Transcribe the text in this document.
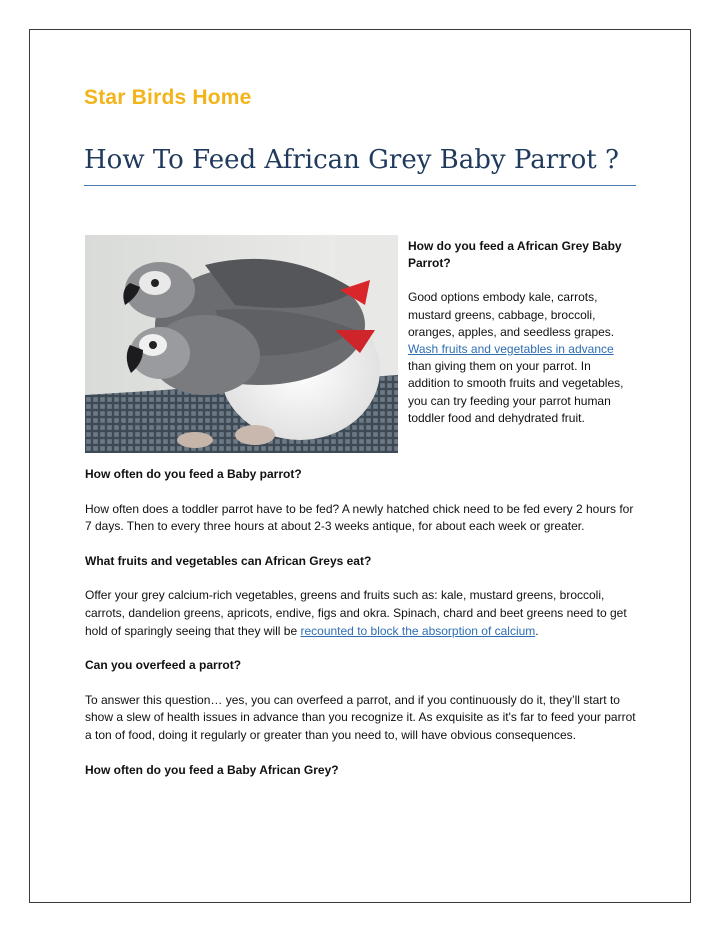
Star Birds Home
How To Feed African Grey Baby Parrot ?

How do you feed a African Grey Baby Parrot?

Good options embody kale, carrots, mustard greens, cabbage, broccoli, oranges, apples, and seedless grapes. Wash fruits and vegetables in advance than giving them on your parrot. In addition to smooth fruits and vegetables, you can try feeding your parrot human toddler food and dehydrated fruit.

How often do you feed a Baby parrot?

How often does a toddler parrot have to be fed? A newly hatched chick need to be fed every 2 hours for 7 days. Then to every three hours at about 2-3 weeks antique, for about each week or greater.

What fruits and vegetables can African Greys eat?

Offer your grey calcium-rich vegetables, greens and fruits such as: kale, mustard greens, broccoli, carrots, dandelion greens, apricots, endive, figs and okra. Spinach, chard and beet greens need to get hold of sparingly seeing that they will be recounted to block the absorption of calcium.

Can you overfeed a parrot?

To answer this question… yes, you can overfeed a parrot, and if you continuously do it, they’ll start to show a slew of health issues in advance than you recognize it. As exquisite as it's far to feed your parrot a ton of food, doing it regularly or greater than you need to, will have obvious consequences.

How often do you feed a Baby African Grey?
